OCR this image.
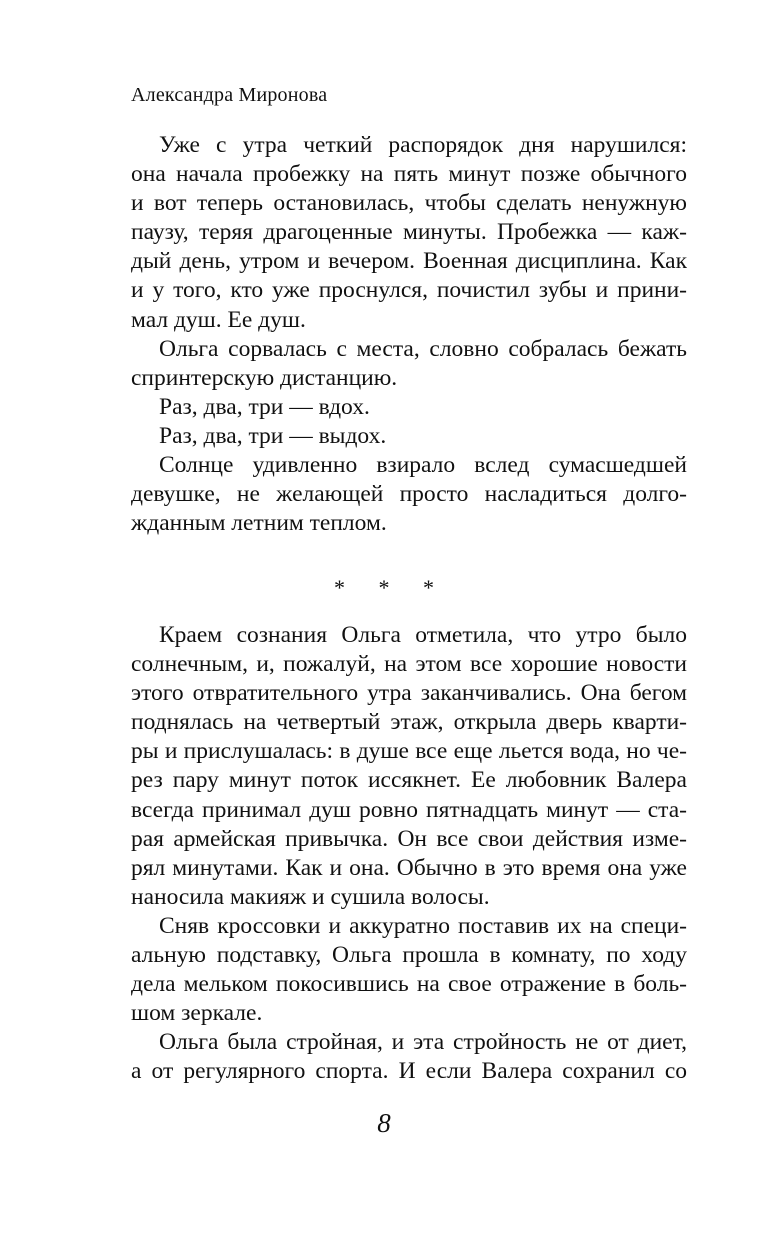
Александра Миронова
Уже с утра четкий распорядок дня нарушился:
она начала пробежку на пять минут позже обычного
и вот теперь остановилась, чтобы сделать ненужную
паузу, теряя драгоценные минуты. Пробежка — каж-
дый день, утром и вечером. Военная дисциплина. Как
и у того, кто уже проснулся, почистил зубы и прини-
мал душ. Ее душ.
Ольга сорвалась с места, словно собралась бежать
спринтерскую дистанцию.
Раз, два, три — вдох.
Раз, два, три — выдох.
Солнце удивленно взирало вслед сумасшедшей
девушке, не желающей просто насладиться долго-
жданным летним теплом.
* * *
Краем сознания Ольга отметила, что утро было
солнечным, и, пожалуй, на этом все хорошие новости
этого отвратительного утра заканчивались. Она бегом
поднялась на четвертый этаж, открыла дверь кварти-
ры и прислушалась: в душе все еще льется вода, но че-
рез пару минут поток иссякнет. Ее любовник Валера
всегда принимал душ ровно пятнадцать минут — ста-
рая армейская привычка. Он все свои действия изме-
рял минутами. Как и она. Обычно в это время она уже
наносила макияж и сушила волосы.
Сняв кроссовки и аккуратно поставив их на специ-
альную подставку, Ольга прошла в комнату, по ходу
дела мельком покосившись на свое отражение в боль-
шом зеркале.
Ольга была стройная, и эта стройность не от диет,
а от регулярного спорта. И если Валера сохранил со
8
